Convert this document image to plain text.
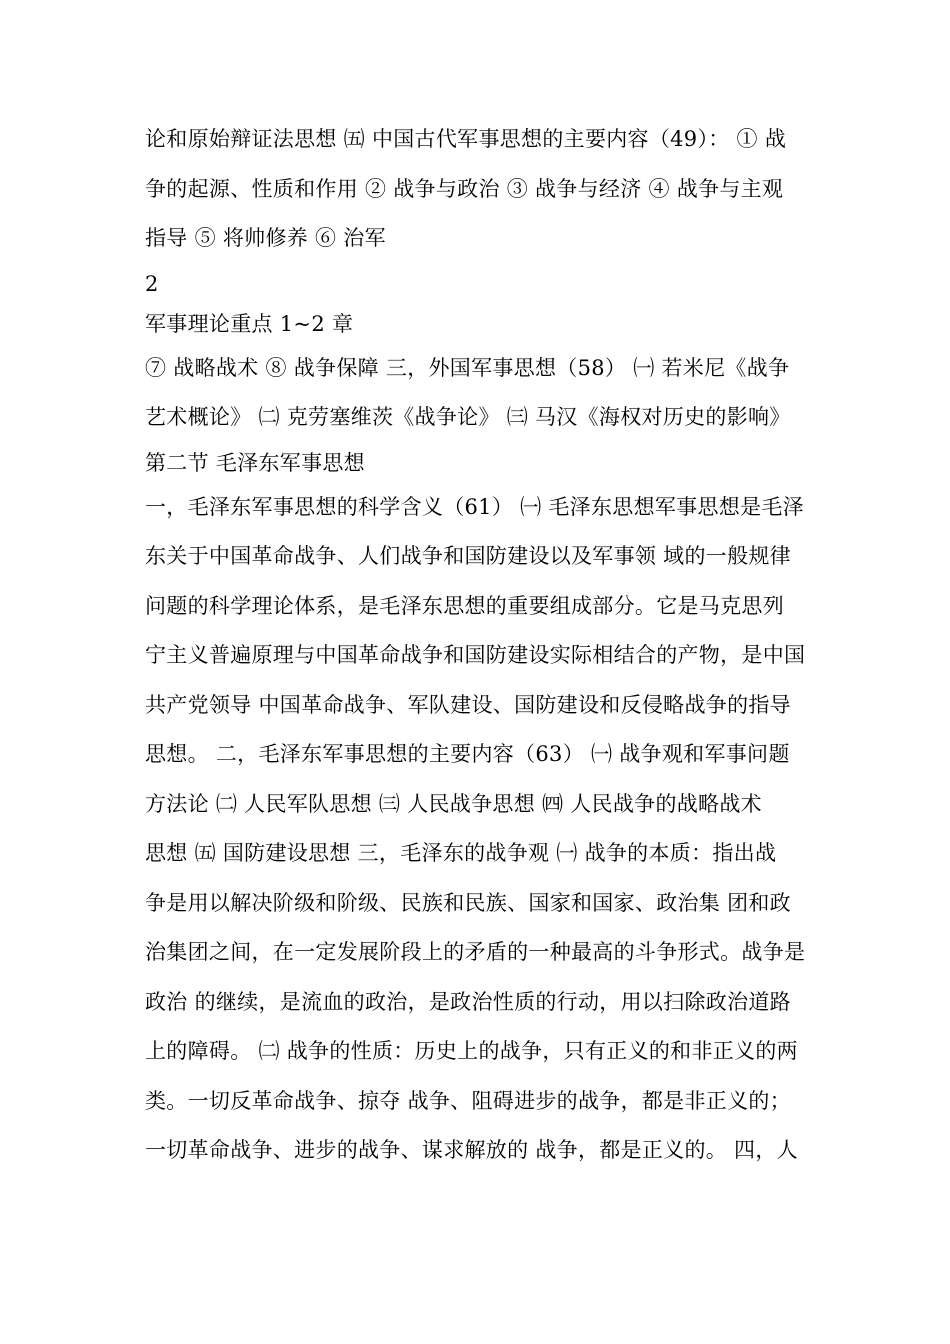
论和原始辩证法思想 ㈤ 中国古代军事思想的主要内容（49）： ① 战
争的起源、性质和作用 ② 战争与政治 ③ 战争与经济 ④ 战争与主观
指导 ⑤ 将帅修养 ⑥ 治军
2
军事理论重点 1~2 章
⑦ 战略战术 ⑧ 战争保障 三，外国军事思想（58） ㈠ 若米尼《战争
艺术概论》 ㈡ 克劳塞维茨《战争论》 ㈢ 马汉《海权对历史的影响》
第二节 毛泽东军事思想
一，毛泽东军事思想的科学含义（61） ㈠ 毛泽东思想军事思想是毛泽
东关于中国革命战争、人们战争和国防建设以及军事领 域的一般规律
问题的科学理论体系，是毛泽东思想的重要组成部分。它是马克思列
宁主义普遍原理与中国革命战争和国防建设实际相结合的产物，是中国
共产党领导 中国革命战争、军队建设、国防建设和反侵略战争的指导
思想。 二，毛泽东军事思想的主要内容（63） ㈠ 战争观和军事问题
方法论 ㈡ 人民军队思想 ㈢ 人民战争思想 ㈣ 人民战争的战略战术
思想 ㈤ 国防建设思想 三，毛泽东的战争观 ㈠ 战争的本质：指出战
争是用以解决阶级和阶级、民族和民族、国家和国家、政治集 团和政
治集团之间，在一定发展阶段上的矛盾的一种最高的斗争形式。战争是
政治 的继续，是流血的政治，是政治性质的行动，用以扫除政治道路
上的障碍。 ㈡ 战争的性质：历史上的战争，只有正义的和非正义的两
类。一切反革命战争、掠夺 战争、阻碍进步的战争，都是非正义的；
一切革命战争、进步的战争、谋求解放的 战争，都是正义的。 四，人
